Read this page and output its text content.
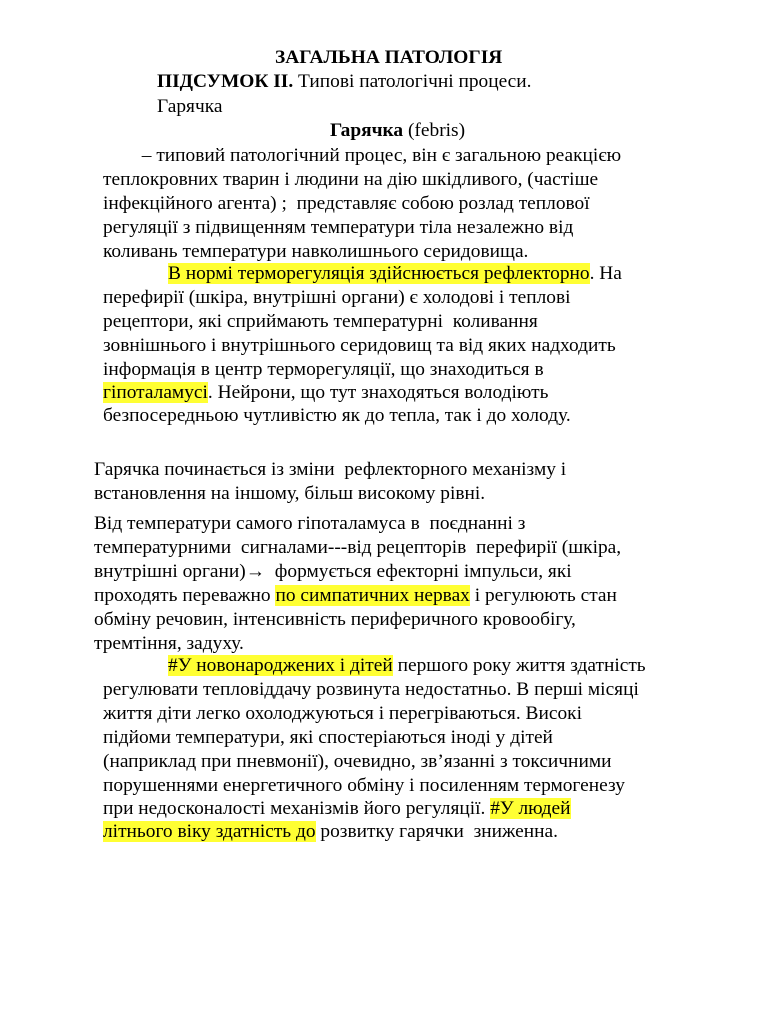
ЗАГАЛЬНА ПАТОЛОГІЯ
ПІДСУМОК ІІ. Типові патологічні процеси.
Гарячка
Гарячка (febris)
– типовий патологічний процес, він є загальною реакцією
теплокровних тварин і людини на дію шкідливого, (частіше
інфекційного агента) ;  представляє собою розлад теплової
регуляції з підвищенням температури тіла незалежно від
коливань температури навколишнього серидовища.
В нормі терморегуляція здійснюється рефлекторно. На
перефирії (шкіра, внутрішні органи) є холодові і теплові
рецептори, які сприймають температурні  коливання
зовнішнього і внутрішнього серидовищ та від яких надходить
інформація в центр терморегуляції, що знаходиться в
гіпоталамусі. Нейрони, що тут знаходяться володіють
безпосередньою чутливістю як до тепла, так і до холоду.
Гарячка починається із зміни  рефлекторного механізму і
встановлення на іншому, більш високому рівні.
Від температури самого гіпоталамуса в  поєднанні з
температурними  сигналами---від рецепторів  перефирії (шкіра,
внутрішні органи)→  формується ефекторні імпульси, які
проходять переважно по симпатичних нервах і регулюють стан
обміну речовин, інтенсивність периферичного кровообігу,
тремтіння, задуху.
#У новонароджених і дітей першого року життя здатність
регулювати тепловіддачу розвинута недостатньо. В перші місяці
життя діти легко охолоджуються і перегріваються. Високі
підйоми температури, які спостеріаються іноді у дітей
(наприклад при пневмонії), очевидно, зв’язанні з токсичними
порушеннями енергетичного обміну і посиленням термогенезу
при недосконалості механізмів його регуляції. #У людей
літнього віку здатність до розвитку гарячки  зниженна.
